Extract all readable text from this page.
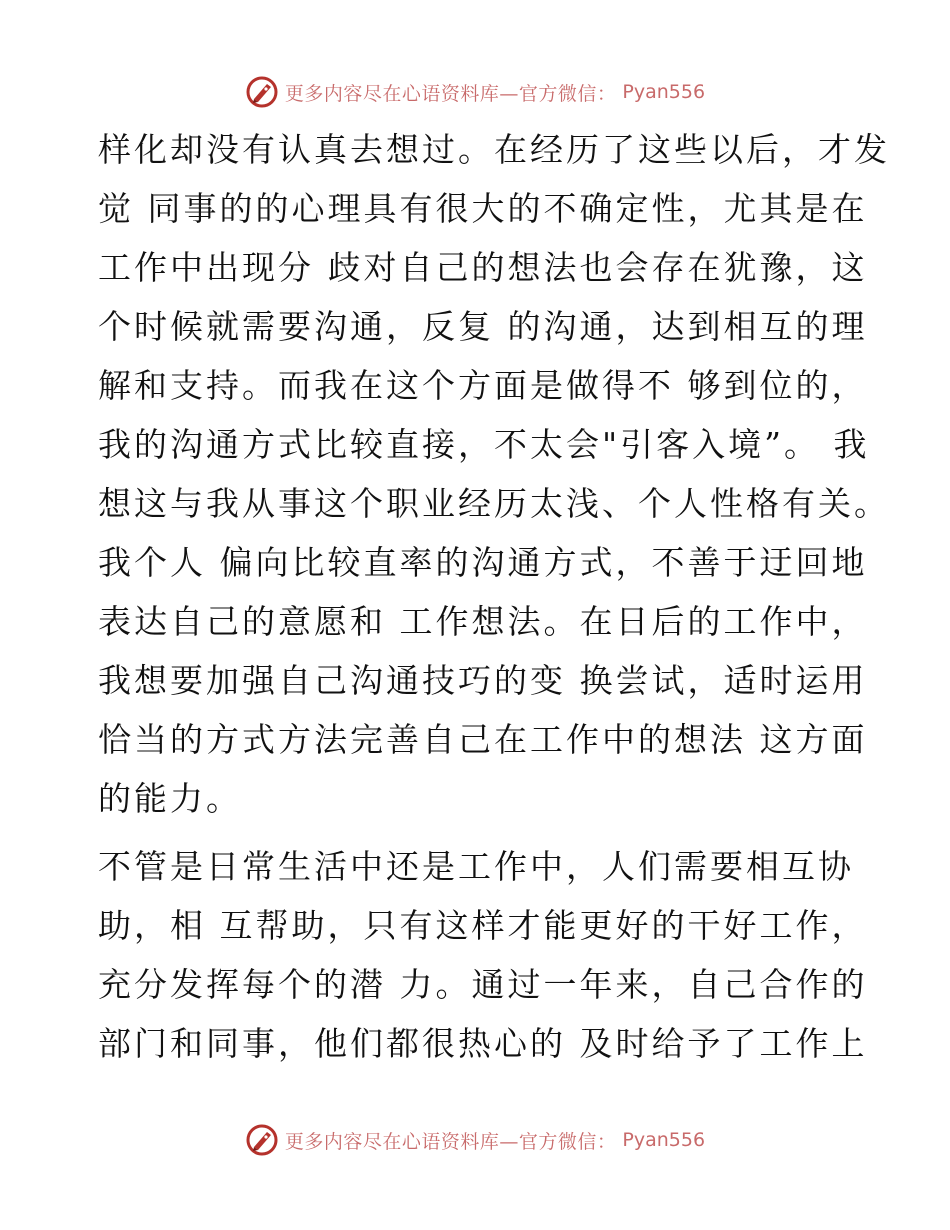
更多内容尽在心语资料库—官方微信： Pyan556
样化却没有认真去想过。在经历了这些以后，才发
觉 同事的的心理具有很大的不确定性，尤其是在
工作中出现分 歧对自己的想法也会存在犹豫，这
个时候就需要沟通，反复 的沟通，达到相互的理
解和支持。而我在这个方面是做得不 够到位的，
我的沟通方式比较直接，不太会"引客入境”。 我
想这与我从事这个职业经历太浅、个人性格有关。
我个人 偏向比较直率的沟通方式，不善于迂回地
表达自己的意愿和 工作想法。在日后的工作中，
我想要加强自己沟通技巧的变 换尝试，适时运用
恰当的方式方法完善自己在工作中的想法 这方面
的能力。
不管是日常生活中还是工作中，人们需要相互协
助，相 互帮助，只有这样才能更好的干好工作，
充分发挥每个的潜 力。通过一年来，自己合作的
部门和同事，他们都很热心的 及时给予了工作上
更多内容尽在心语资料库—官方微信： Pyan556
